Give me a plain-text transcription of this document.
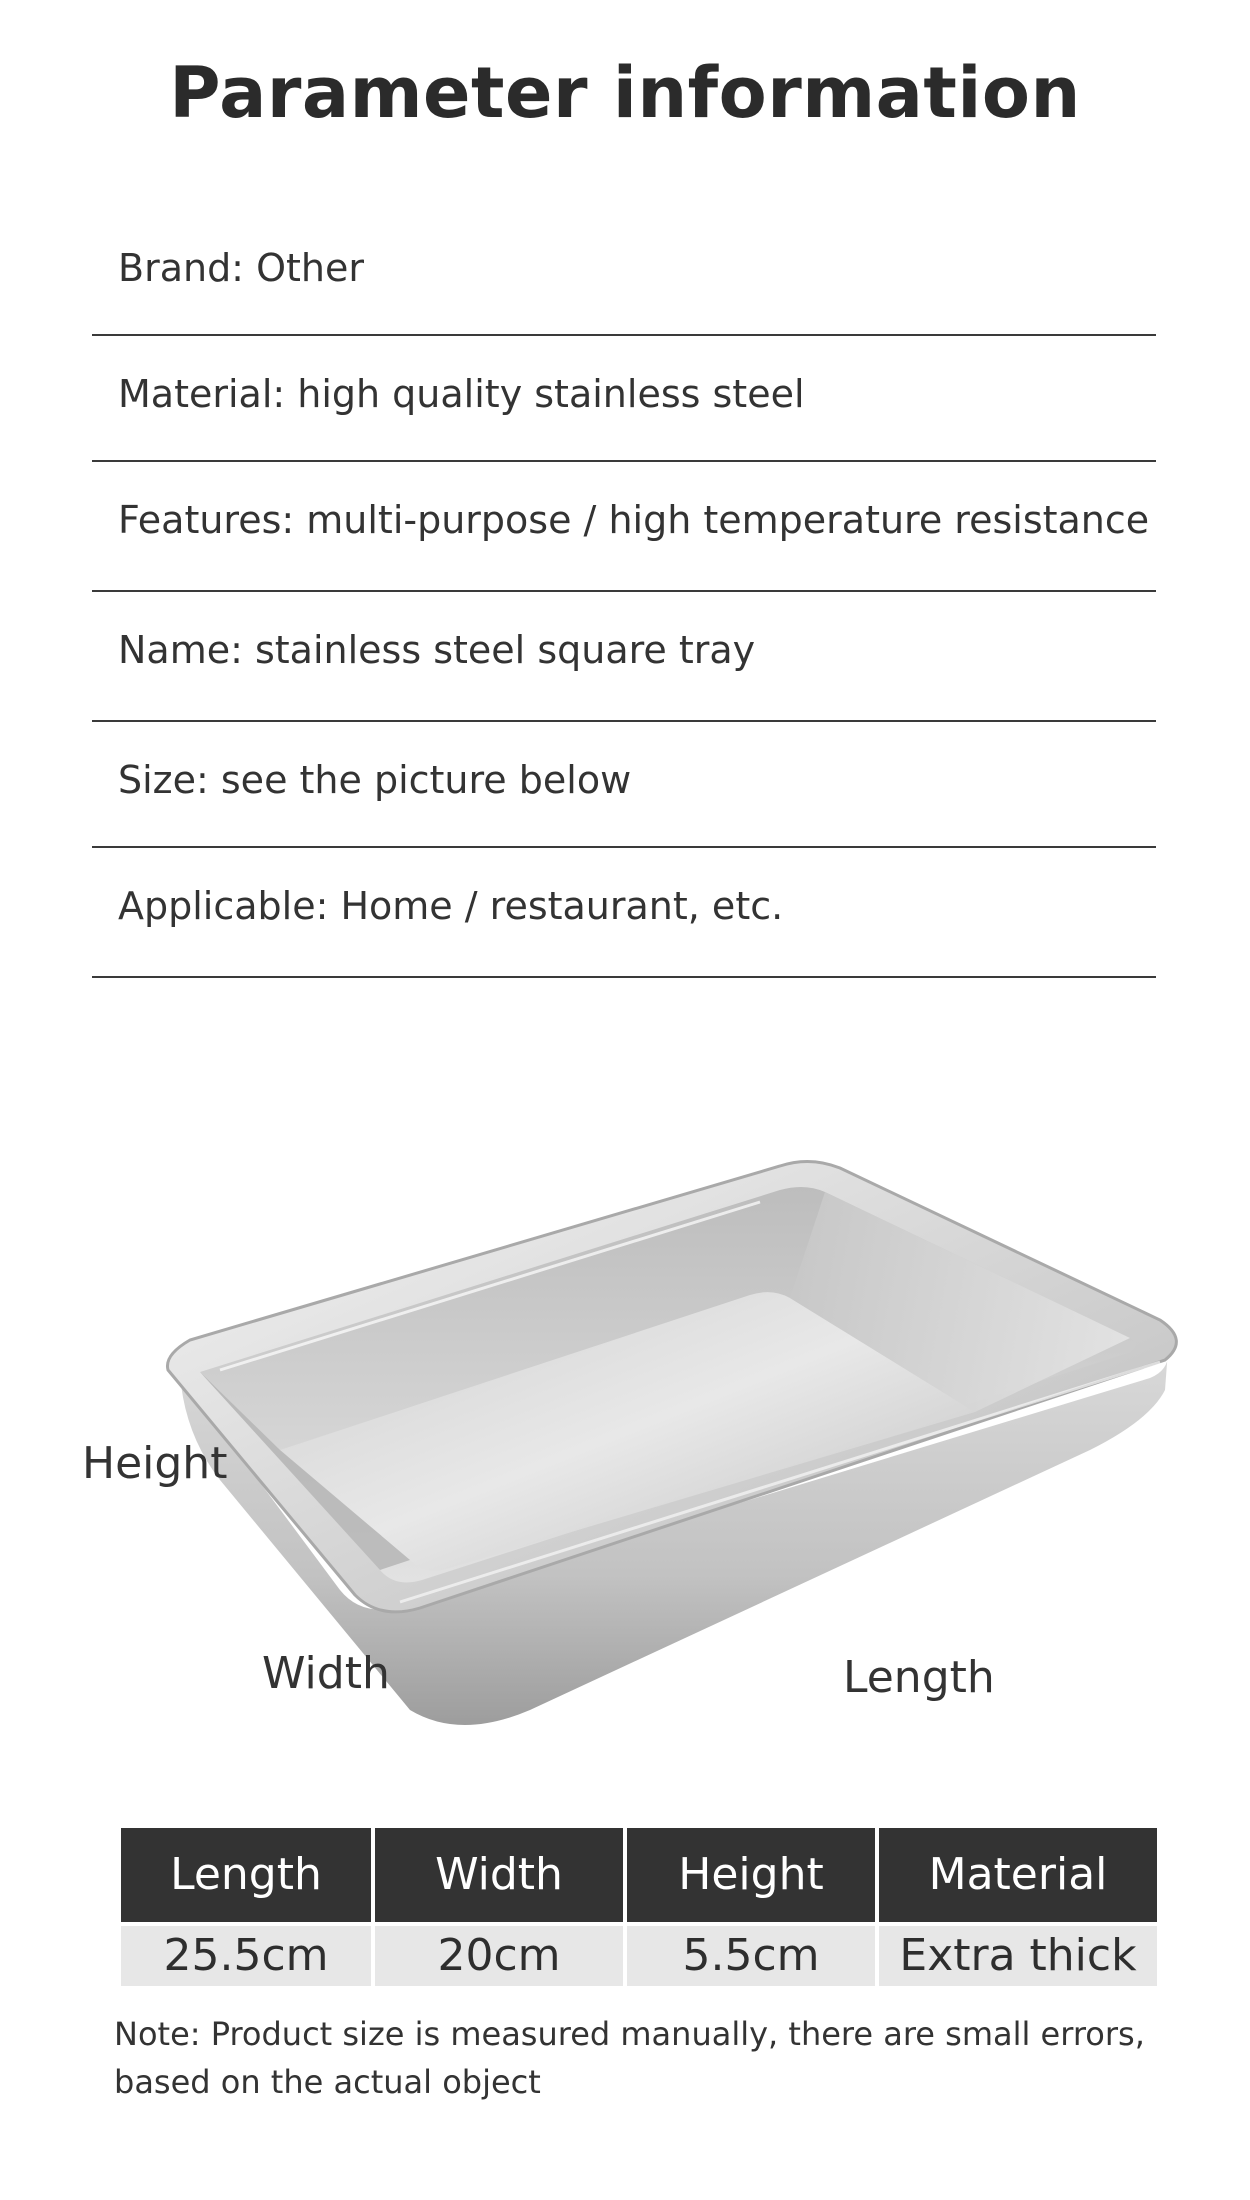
Parameter information
Brand: Other
Material: high quality stainless steel
Features: multi-purpose / high temperature resistance
Name: stainless steel square tray
Size: see the picture below
Applicable: Home / restaurant, etc.
Height
Width	Length
Length	Width	Height	Material
25.5cm	20cm	5.5cm	Extra thick
Note: Product size is measured manually, there are small errors, based on the actual object
